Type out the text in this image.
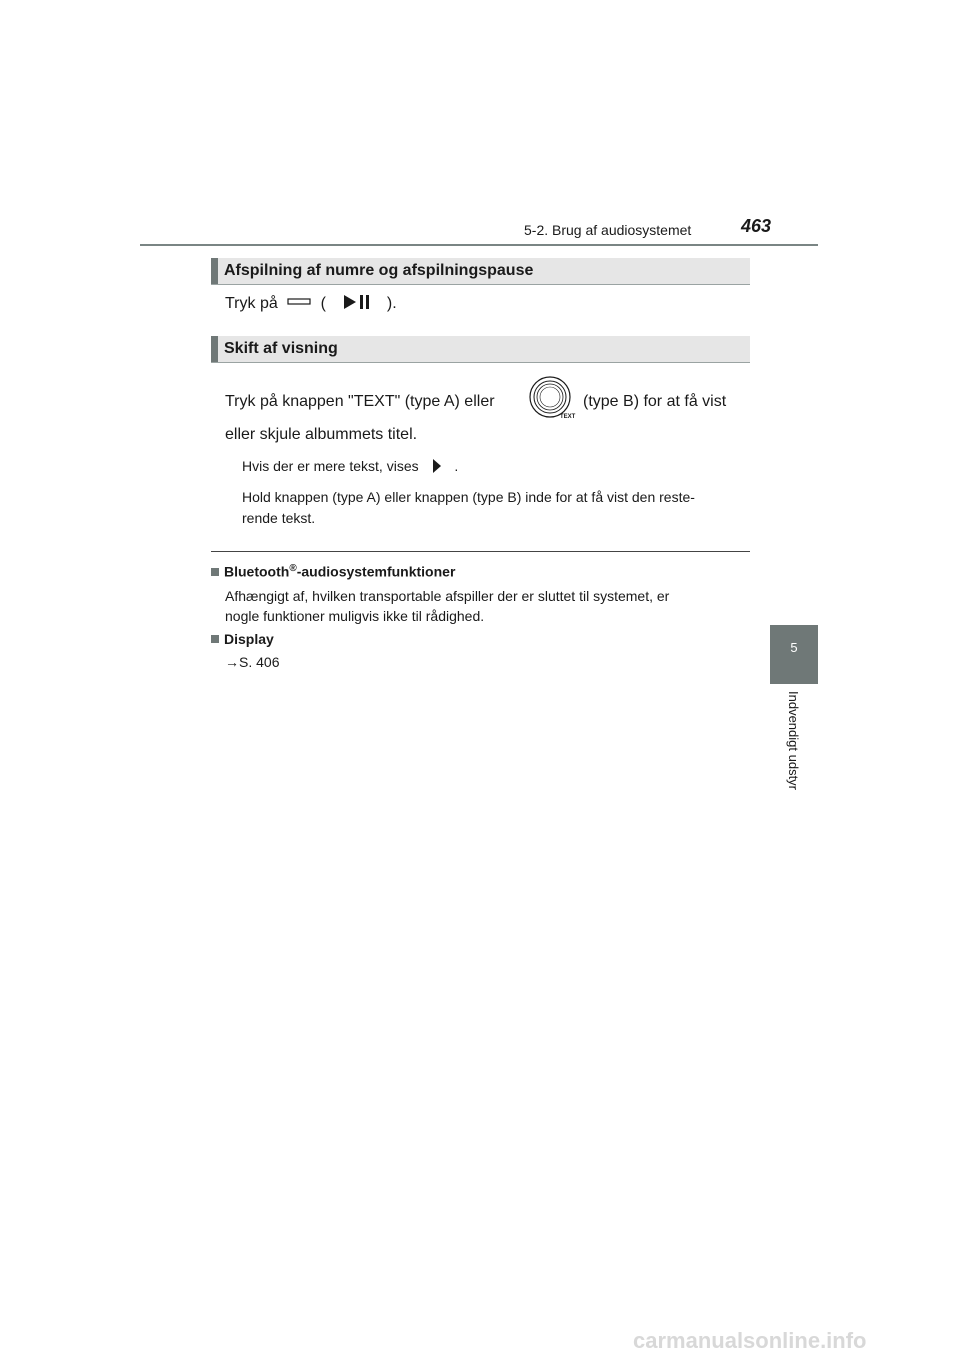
5-2. Brug af audiosystemet	463
5
Indvendigt udstyr
Afspilning af numre og afspilningspause
Tryk på	(	).
Skift af visning
Tryk på knappen "TEXT" (type A) eller
TEXT
(type B) for at få vist
eller skjule albummets titel.
Hvis der er mere tekst, vises	.
Hold knappen (type A) eller knappen (type B) inde for at få vist den reste-
rende tekst.
Bluetooth®-audiosystemfunktioner
Afhængigt af, hvilken transportable afspiller der er sluttet til systemet, er
nogle funktioner muligvis ikke til rådighed.
Display
→S. 406
carmanualsonline.info
